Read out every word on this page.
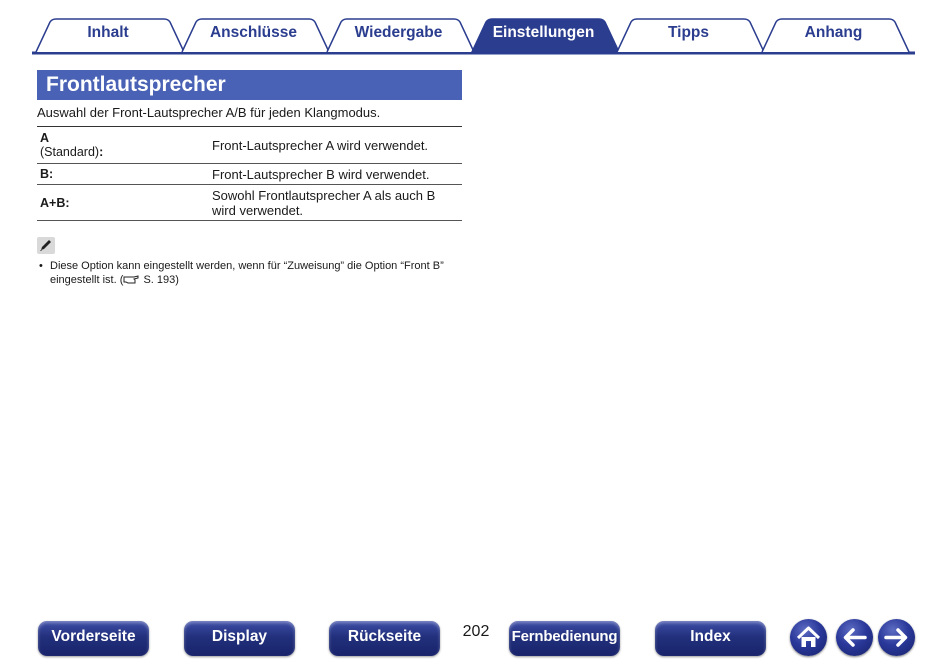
Inhalt	Anschlüsse	Wiedergabe	Einstellungen	Tipps	Anhang
Frontlautsprecher
Auswahl der Front-Lautsprecher A/B für jeden Klangmodus.
A
(Standard):	Front-Lautsprecher A wird verwendet.
B:	Front-Lautsprecher B wird verwendet.
A+B:	Sowohl Frontlautsprecher A als auch B wird verwendet.
• Diese Option kann eingestellt werden, wenn für “Zuweisung” die Option “Front B” eingestellt ist. ( S. 193)
Vorderseite	Display	Rückseite	202	Fernbedienung	Index
